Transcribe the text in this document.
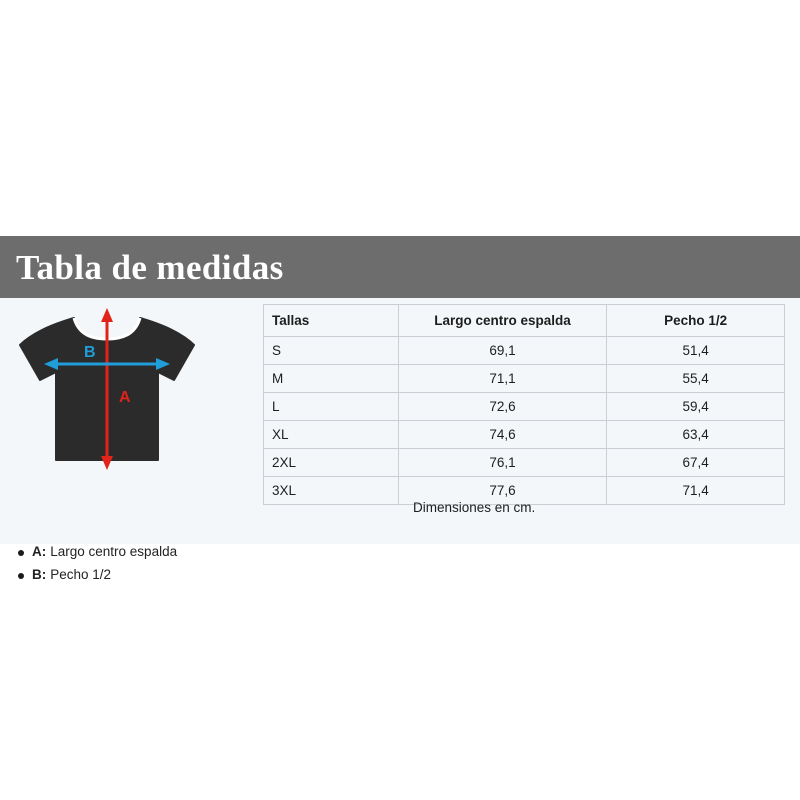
Tabla de medidas
A
B
A: Largo centro espalda
B: Pecho 1/2
Tallas	Largo centro espalda	Pecho 1/2
S	69,1	51,4
M	71,1	55,4
L	72,6	59,4
XL	74,6	63,4
2XL	76,1	67,4
3XL	77,6	71,4
Dimensiones en cm.
